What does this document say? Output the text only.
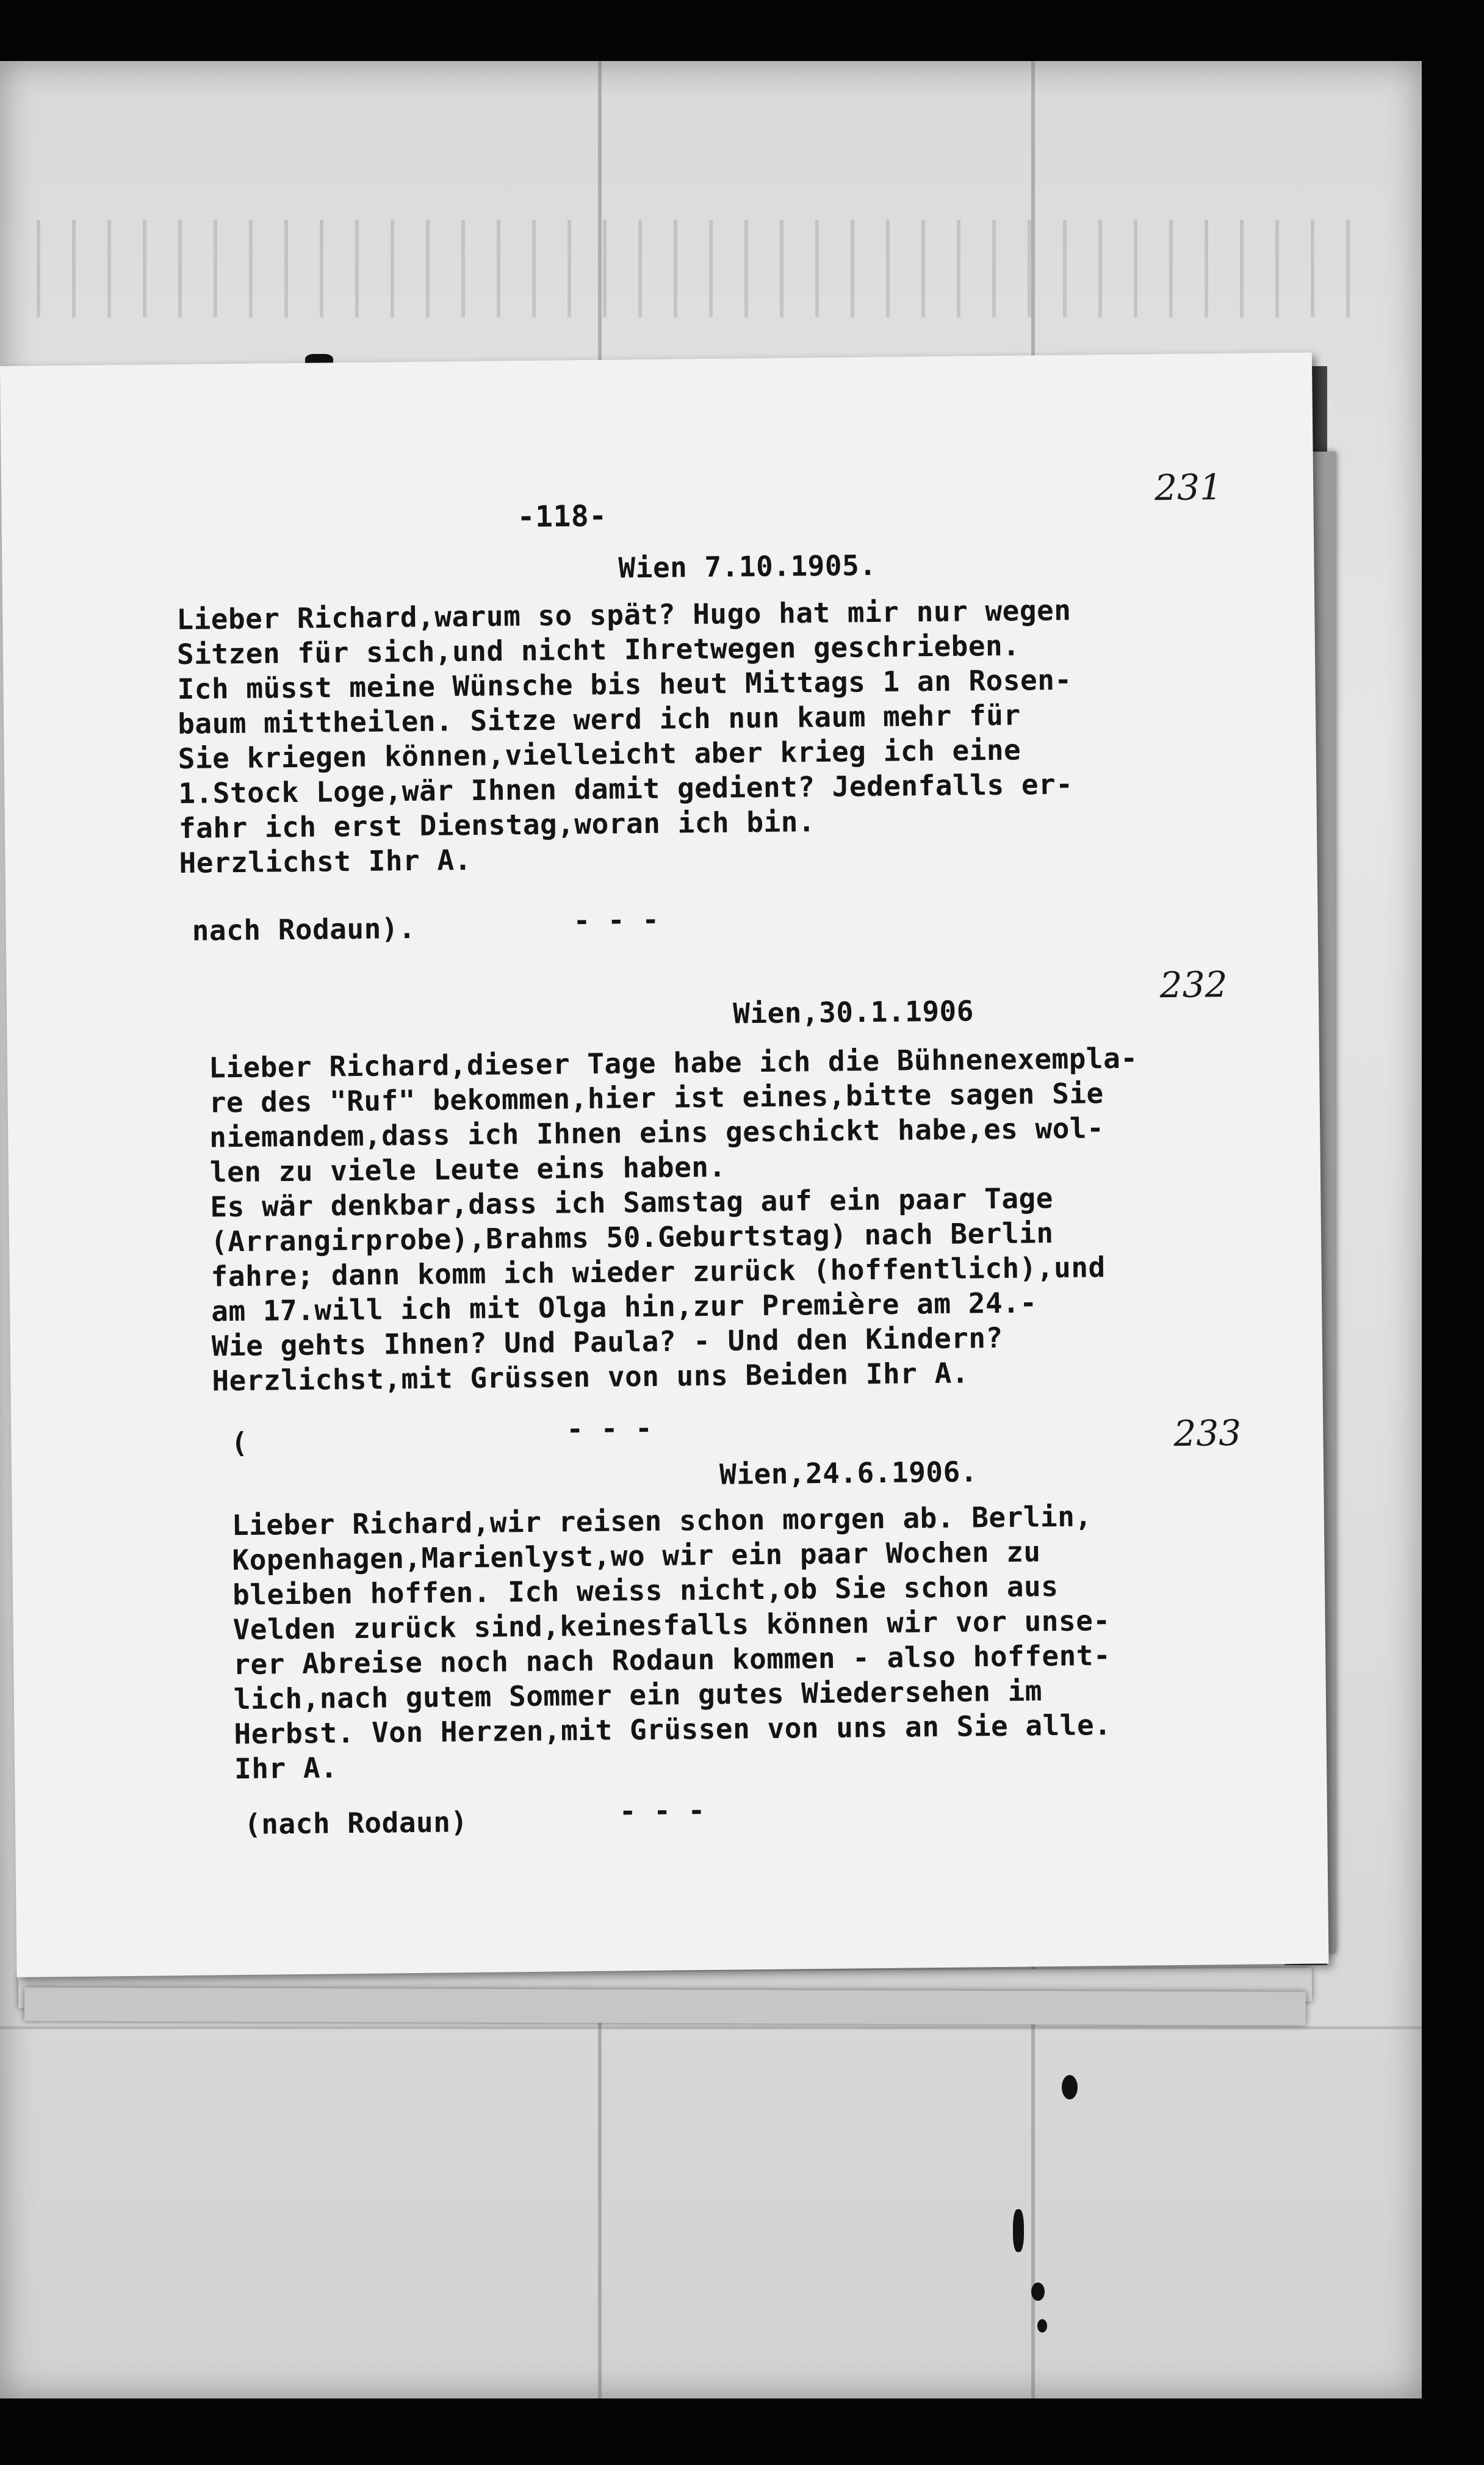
-118-
231
Wien 7.10.1905.

Lieber Richard,warum so spät? Hugo hat mir nur wegen

Sitzen für sich,und nicht Ihretwegen geschrieben.

Ich müsst meine Wünsche bis heut Mittags 1 an Rosen-

baum mittheilen. Sitze werd ich nun kaum mehr für

Sie kriegen können,vielleicht aber krieg ich eine

1.Stock Loge,wär Ihnen damit gedient? Jedenfalls er-

fahr ich erst Dienstag,woran ich bin.

Herzlichst Ihr A.

nach Rodaun).	- - -
232
Wien,30.1.1906

Lieber Richard,dieser Tage habe ich die Bühnenexempla-

re des "Ruf" bekommen,hier ist eines,bitte sagen Sie

niemandem,dass ich Ihnen eins geschickt habe,es wol-

len zu viele Leute eins haben.

Es wär denkbar,dass ich Samstag auf ein paar Tage

(Arrangirprobe),Brahms 50.Geburtstag) nach Berlin

fahre; dann komm ich wieder zurück (hoffentlich),und

am 17.will ich mit Olga hin,zur Première am 24.-

Wie gehts Ihnen? Und Paula? - Und den Kindern?

Herzlichst,mit Grüssen von uns Beiden Ihr A.

(	- - -	233
Wien,24.6.1906.

Lieber Richard,wir reisen schon morgen ab. Berlin,

Kopenhagen,Marienlyst,wo wir ein paar Wochen zu

bleiben hoffen. Ich weiss nicht,ob Sie schon aus

Velden zurück sind,keinesfalls können wir vor unse-

rer Abreise noch nach Rodaun kommen - also hoffent-

lich,nach gutem Sommer ein gutes Wiedersehen im

Herbst. Von Herzen,mit Grüssen von uns an Sie alle.

Ihr A.

(nach Rodaun)	- - -
